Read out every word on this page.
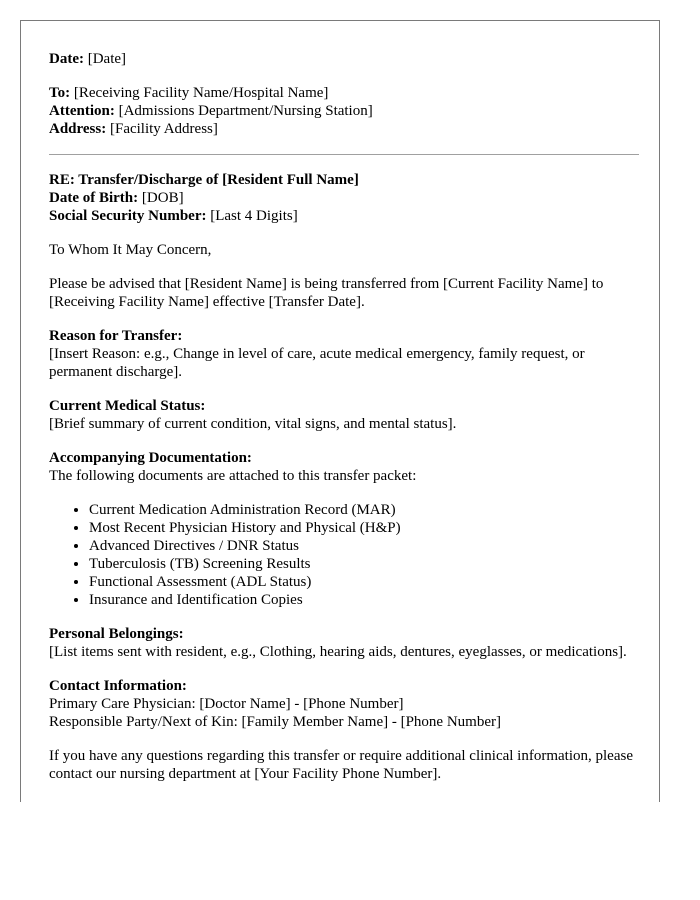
Date: [Date]

To: [Receiving Facility Name/Hospital Name]

Attention: [Admissions Department/Nursing Station]

Address: [Facility Address]

RE: Transfer/Discharge of [Resident Full Name]

Date of Birth: [DOB]

Social Security Number: [Last 4 Digits]

To Whom It May Concern,

Please be advised that [Resident Name] is being transferred from [Current Facility Name] to [Receiving Facility Name] effective [Transfer Date].

Reason for Transfer:

[Insert Reason: e.g., Change in level of care, acute medical emergency, family request, or permanent discharge].

Current Medical Status:

[Brief summary of current condition, vital signs, and mental status].

Accompanying Documentation:

The following documents are attached to this transfer packet:

• Current Medication Administration Record (MAR)
• Most Recent Physician History and Physical (H&P)
• Advanced Directives / DNR Status
• Tuberculosis (TB) Screening Results
• Functional Assessment (ADL Status)
• Insurance and Identification Copies

Personal Belongings:

[List items sent with resident, e.g., Clothing, hearing aids, dentures, eyeglasses, or medications].

Contact Information:

Primary Care Physician: [Doctor Name] - [Phone Number]

Responsible Party/Next of Kin: [Family Member Name] - [Phone Number]

If you have any questions regarding this transfer or require additional clinical information, please contact our nursing department at [Your Facility Phone Number].
